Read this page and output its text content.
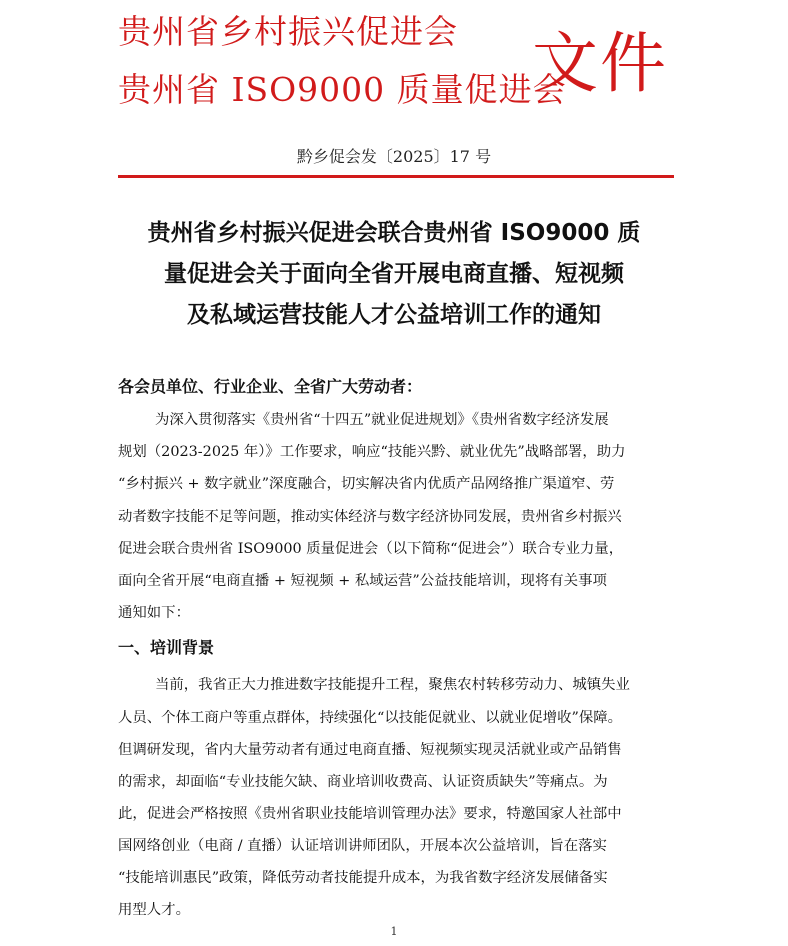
贵州省乡村振兴促进会
贵州省 ISO9000 质量促进会
文件
黔乡促会发〔2025〕17 号
贵州省乡村振兴促进会联合贵州省 ISO9000 质
量促进会关于面向全省开展电商直播、短视频
及私域运营技能人才公益培训工作的通知
各会员单位、行业企业、全省广大劳动者：
为深入贯彻落实《贵州省“十四五”就业促进规划》《贵州省数字经济发展
规划（2023-2025 年）》工作要求，响应“技能兴黔、就业优先”战略部署，助力
“乡村振兴 + 数字就业”深度融合，切实解决省内优质产品网络推广渠道窄、劳
动者数字技能不足等问题，推动实体经济与数字经济协同发展，贵州省乡村振兴
促进会联合贵州省 ISO9000 质量促进会（以下简称“促进会”）联合专业力量，
面向全省开展“电商直播 + 短视频 + 私域运营”公益技能培训，现将有关事项
通知如下：
一、培训背景
当前，我省正大力推进数字技能提升工程，聚焦农村转移劳动力、城镇失业
人员、个体工商户等重点群体，持续强化“以技能促就业、以就业促增收”保障。
但调研发现，省内大量劳动者有通过电商直播、短视频实现灵活就业或产品销售
的需求，却面临“专业技能欠缺、商业培训收费高、认证资质缺失”等痛点。为
此，促进会严格按照《贵州省职业技能培训管理办法》要求，特邀国家人社部中
国网络创业（电商 / 直播）认证培训讲师团队，开展本次公益培训，旨在落实
“技能培训惠民”政策，降低劳动者技能提升成本，为我省数字经济发展储备实
用型人才。
1
